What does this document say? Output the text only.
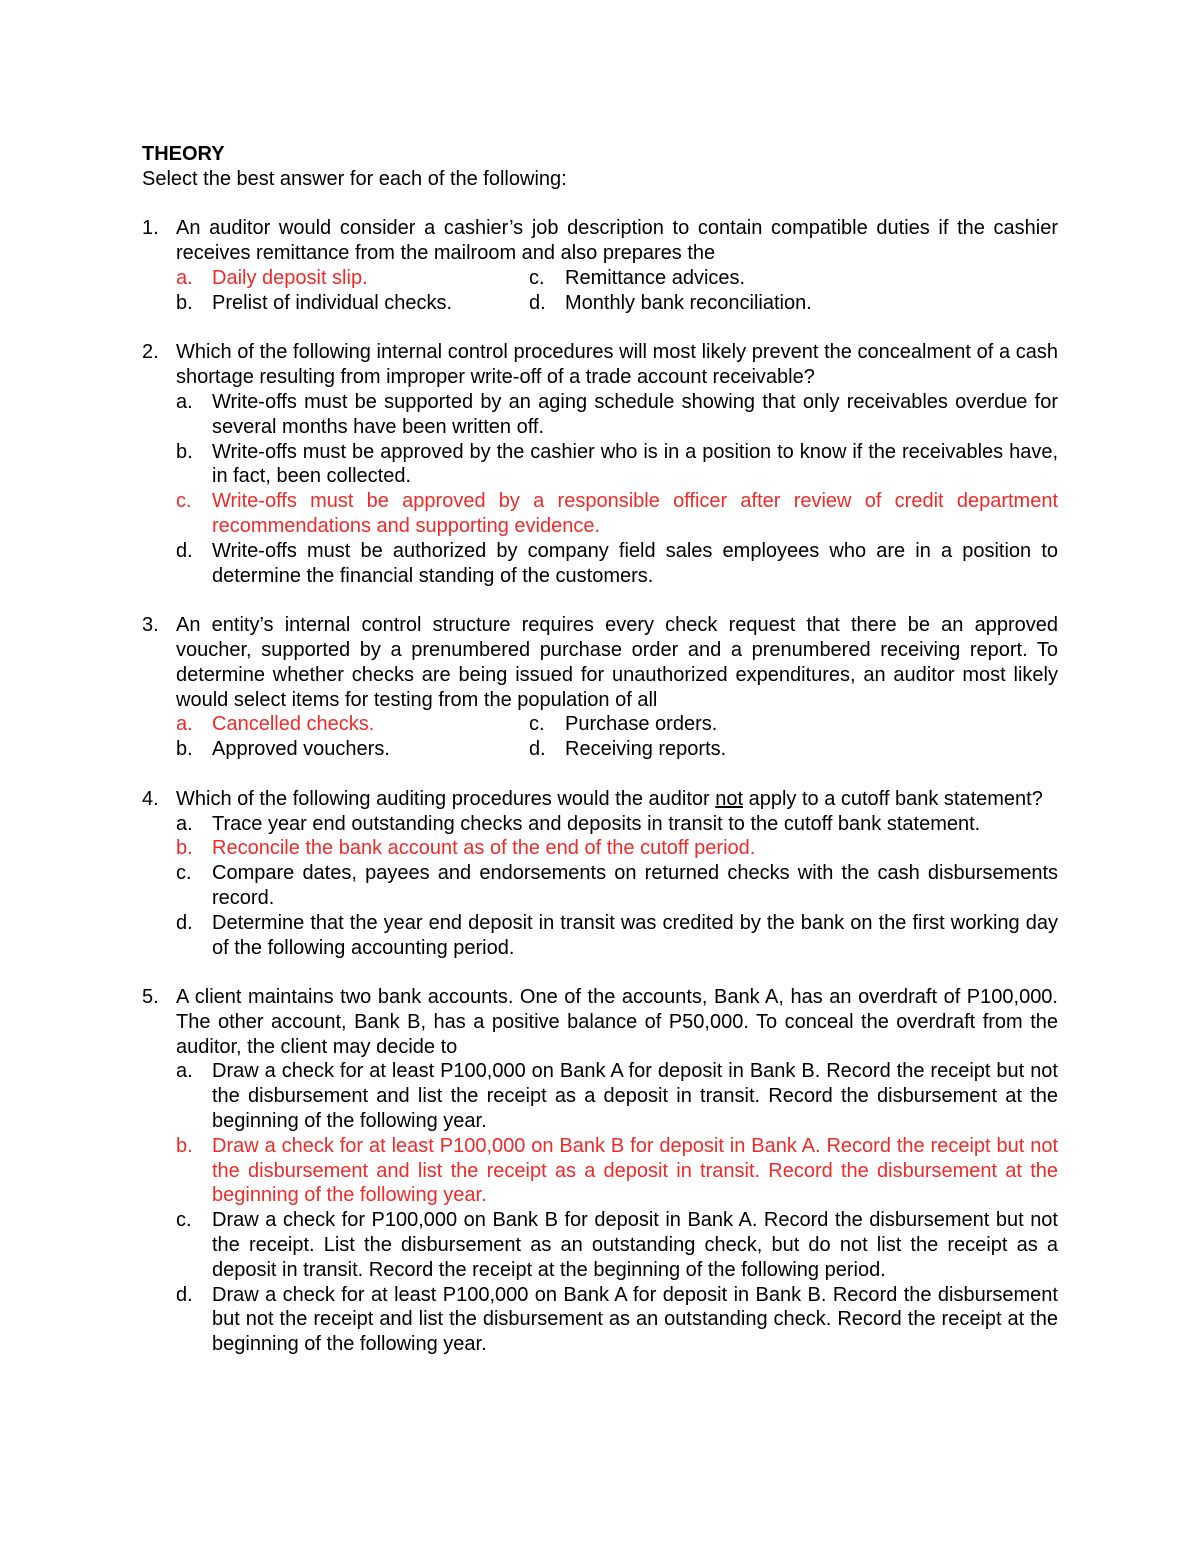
THEORY
Select the best answer for each of the following:
1. An auditor would consider a cashier’s job description to contain compatible duties if the cashier receives remittance from the mailroom and also prepares the
a. Daily deposit slip.	c. Remittance advices.
b. Prelist of individual checks.	d. Monthly bank reconciliation.
2. Which of the following internal control procedures will most likely prevent the concealment of a cash shortage resulting from improper write-off of a trade account receivable?
a. Write-offs must be supported by an aging schedule showing that only receivables overdue for several months have been written off.
b. Write-offs must be approved by the cashier who is in a position to know if the receivables have, in fact, been collected.
c. Write-offs must be approved by a responsible officer after review of credit department recommendations and supporting evidence.
d. Write-offs must be authorized by company field sales employees who are in a position to determine the financial standing of the customers.
3. An entity’s internal control structure requires every check request that there be an approved voucher, supported by a prenumbered purchase order and a prenumbered receiving report. To determine whether checks are being issued for unauthorized expenditures, an auditor most likely would select items for testing from the population of all
a. Cancelled checks.	c. Purchase orders.
b. Approved vouchers.	d. Receiving reports.
4. Which of the following auditing procedures would the auditor not apply to a cutoff bank statement?
a. Trace year end outstanding checks and deposits in transit to the cutoff bank statement.
b. Reconcile the bank account as of the end of the cutoff period.
c. Compare dates, payees and endorsements on returned checks with the cash disbursements record.
d. Determine that the year end deposit in transit was credited by the bank on the first working day of the following accounting period.
5. A client maintains two bank accounts. One of the accounts, Bank A, has an overdraft of P100,000. The other account, Bank B, has a positive balance of P50,000. To conceal the overdraft from the auditor, the client may decide to
a. Draw a check for at least P100,000 on Bank A for deposit in Bank B. Record the receipt but not the disbursement and list the receipt as a deposit in transit. Record the disbursement at the beginning of the following year.
b. Draw a check for at least P100,000 on Bank B for deposit in Bank A. Record the receipt but not the disbursement and list the receipt as a deposit in transit. Record the disbursement at the beginning of the following year.
c. Draw a check for P100,000 on Bank B for deposit in Bank A. Record the disbursement but not the receipt. List the disbursement as an outstanding check, but do not list the receipt as a deposit in transit. Record the receipt at the beginning of the following period.
d. Draw a check for at least P100,000 on Bank A for deposit in Bank B. Record the disbursement but not the receipt and list the disbursement as an outstanding check. Record the receipt at the beginning of the following year.
